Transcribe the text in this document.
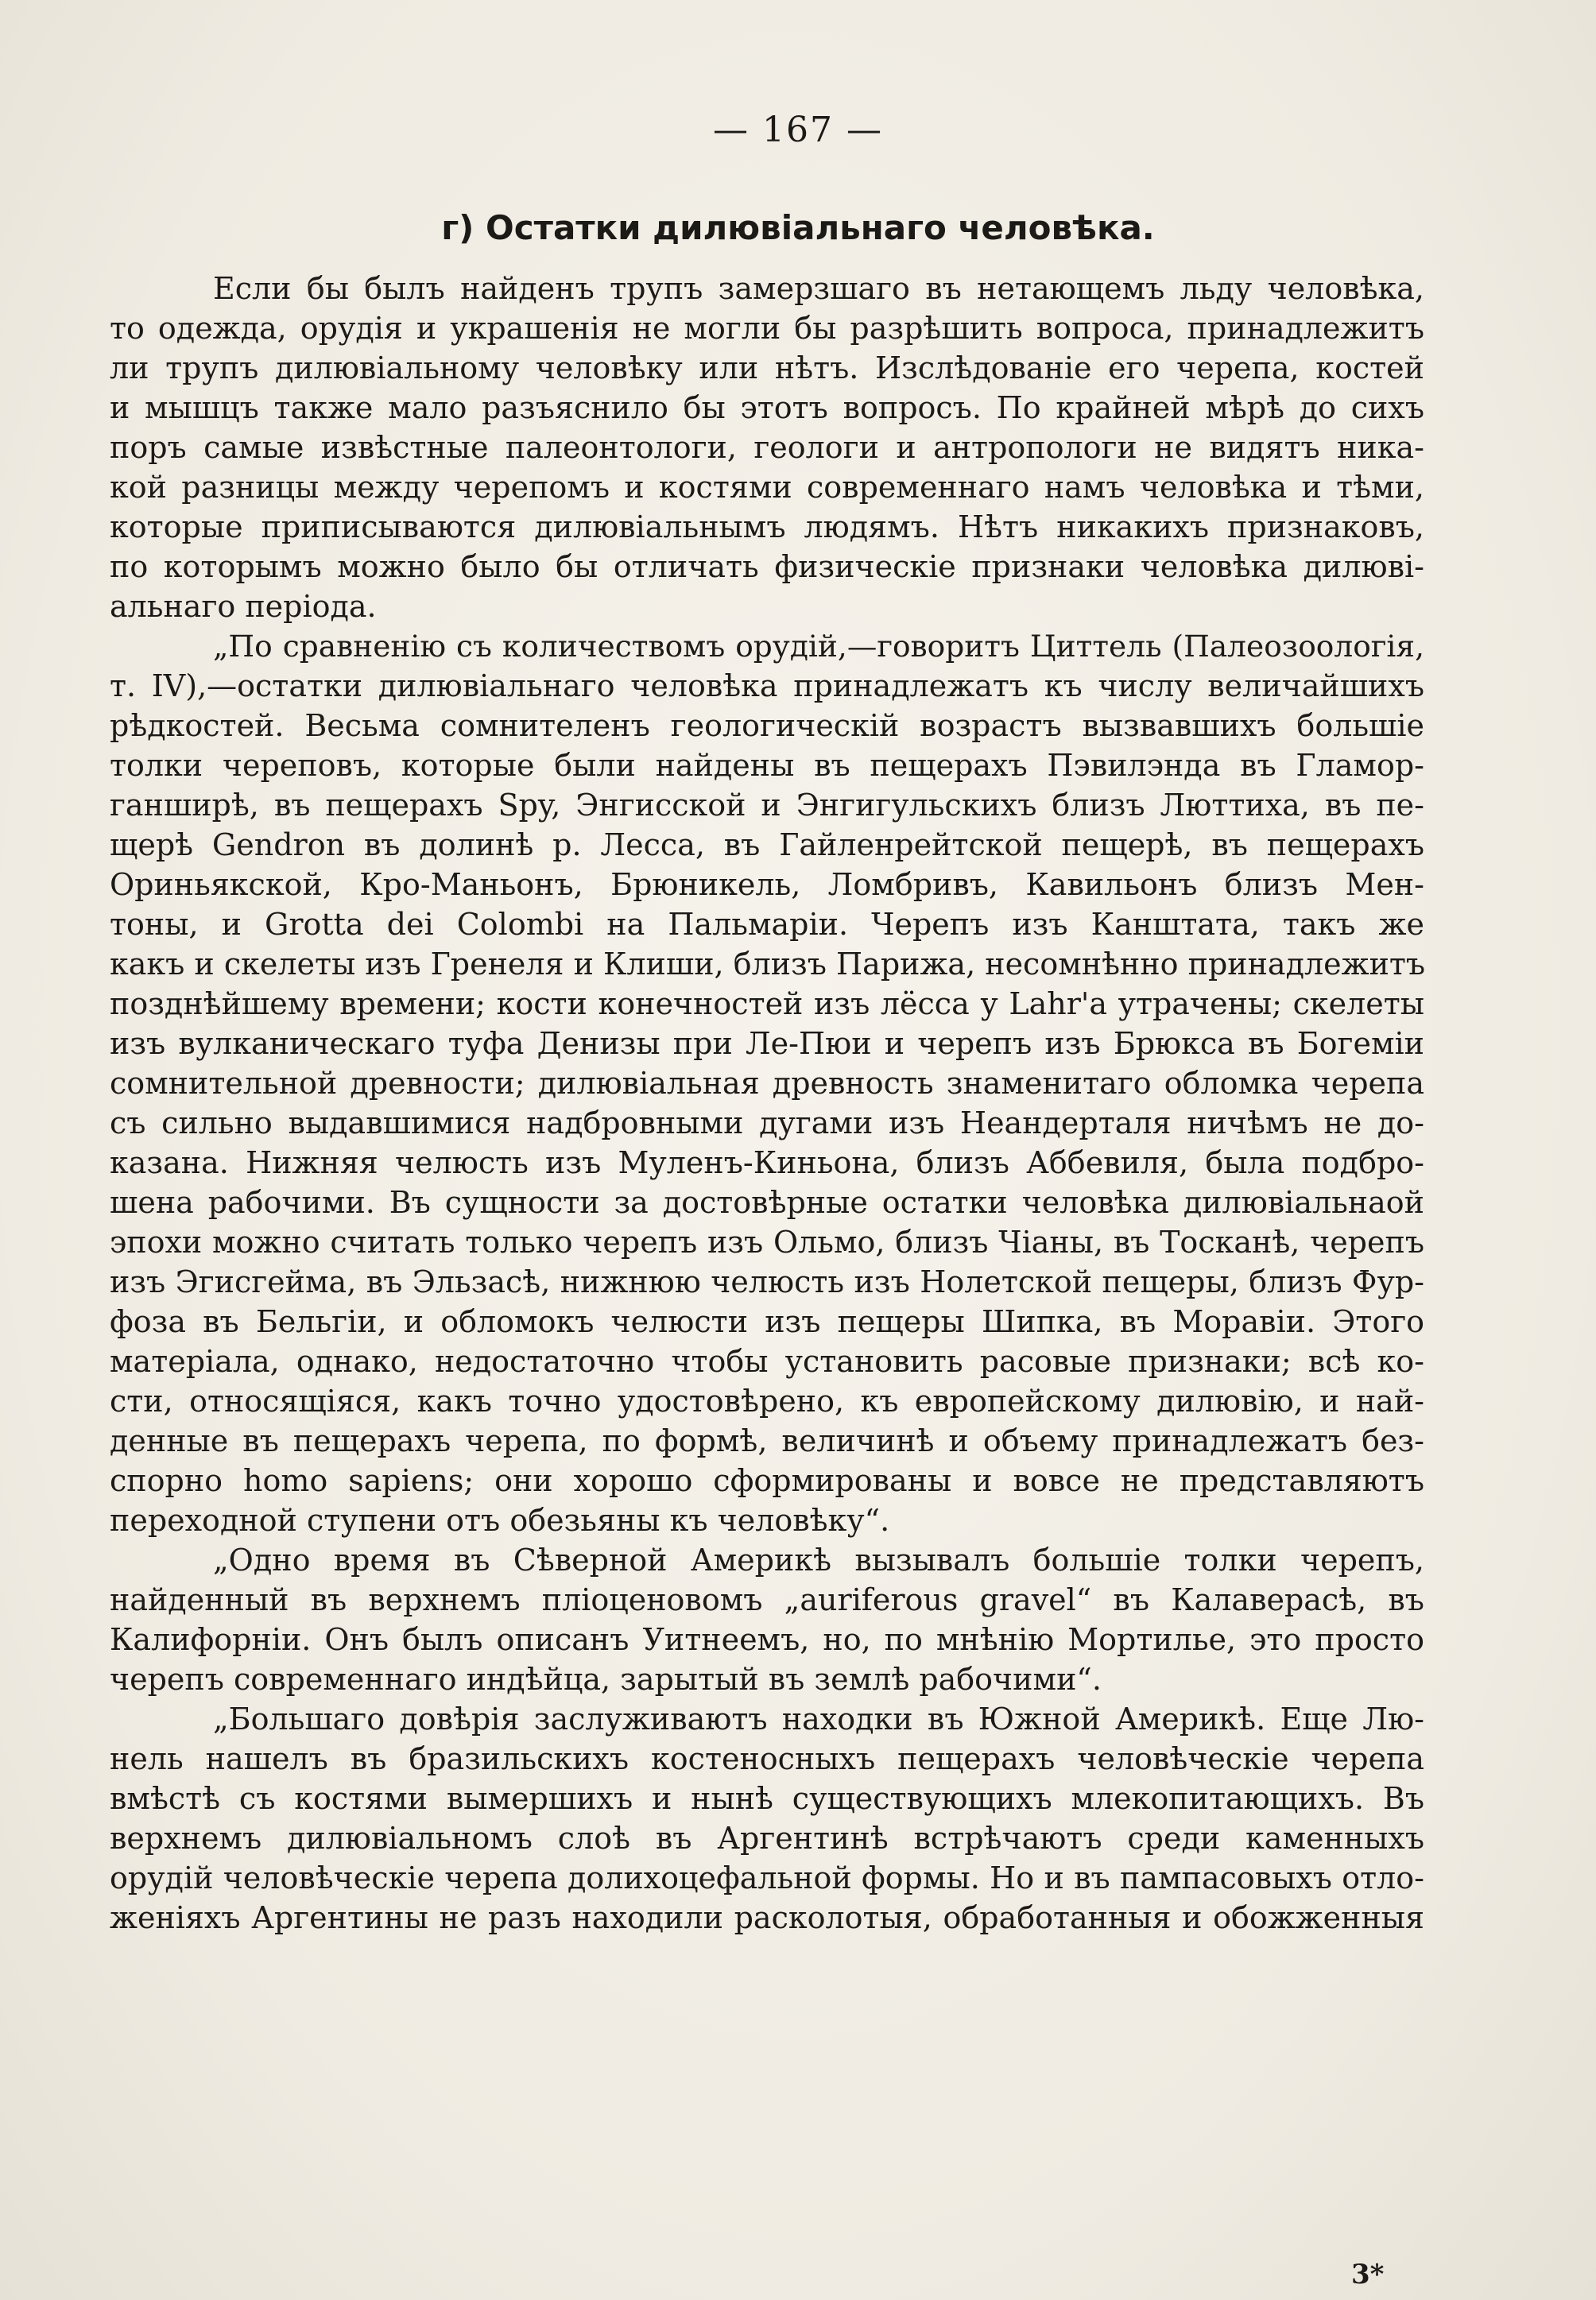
— 167 —
г) Остатки дилювіальнаго человѣка.
Если бы былъ найденъ трупъ замерзшаго въ нетающемъ льду человѣка,
то одежда, орудія и украшенія не могли бы разрѣшить вопроса, принадлежитъ
ли трупъ дилювіальному человѣку или нѣтъ. Изслѣдованіе его черепа, костей
и мышцъ также мало разъяснило бы этотъ вопросъ. По крайней мѣрѣ до сихъ
поръ самые извѣстные палеонтологи, геологи и антропологи не видятъ ника-
кой разницы между черепомъ и костями современнаго намъ человѣка и тѣми,
которые приписываются дилювіальнымъ людямъ. Нѣтъ никакихъ признаковъ,
по которымъ можно было бы отличать физическіе признаки человѣка дилюві-
альнаго періода.
„По сравненію съ количествомъ орудій,—говоритъ Циттель (Палеозоологія,
т. IV),—остатки дилювіальнаго человѣка принадлежатъ къ числу величайшихъ
рѣдкостей. Весьма сомнителенъ геологическій возрастъ вызвавшихъ большіе
толки череповъ, которые были найдены въ пещерахъ Пэвилэнда въ Гламор-
ганширѣ, въ пещерахъ Spy, Энгисской и Энгигульскихъ близъ Люттиха, въ пе-
щерѣ Gendron въ долинѣ р. Лесса, въ Гайленрейтской пещерѣ, въ пещерахъ
Ориньякской, Кро-Маньонъ, Брюникель, Ломбривъ, Кавильонъ близъ Мен-
тоны, и Grotta dei Colombi на Пальмаріи. Черепъ изъ Канштата, такъ же
какъ и скелеты изъ Гренеля и Клиши, близъ Парижа, несомнѣнно принадлежитъ
позднѣйшему времени; кости конечностей изъ лёсса у Lahr'а утрачены; скелеты
изъ вулканическаго туфа Денизы при Ле-Пюи и черепъ изъ Брюкса въ Богеміи
сомнительной древности; дилювіальная древность знаменитаго обломка черепа
съ сильно выдавшимися надбровными дугами изъ Неандерталя ничѣмъ не до-
казана. Нижняя челюсть изъ Муленъ-Киньона, близъ Аббевиля, была подбро-
шена рабочими. Въ сущности за достовѣрные остатки человѣка дилювіальнаой
эпохи можно считать только черепъ изъ Ольмо, близъ Чіаны, въ Тосканѣ, черепъ
изъ Эгисгейма, въ Эльзасѣ, нижнюю челюсть изъ Нолетской пещеры, близъ Фур-
фоза въ Бельгіи, и обломокъ челюсти изъ пещеры Шипка, въ Моравіи. Этого
матеріала, однако, недостаточно чтобы установить расовые признаки; всѣ ко-
сти, относящіяся, какъ точно удостовѣрено, къ европейскому дилювію, и най-
денные въ пещерахъ черепа, по формѣ, величинѣ и объему принадлежатъ без-
спорно homo sapiens; они хорошо сформированы и вовсе не представляютъ
переходной ступени отъ обезьяны къ человѣку“.
„Одно время въ Сѣверной Америкѣ вызывалъ большіе толки черепъ,
найденный въ верхнемъ пліоценовомъ „auriferous gravel“ въ Калаверасѣ, въ
Калифорніи. Онъ былъ описанъ Уитнеемъ, но, по мнѣнію Мортилье, это просто
черепъ современнаго индѣйца, зарытый въ землѣ рабочими“.
„Большаго довѣрія заслуживаютъ находки въ Южной Америкѣ. Еще Лю-
нель нашелъ въ бразильскихъ костеносныхъ пещерахъ человѣческіе черепа
вмѣстѣ съ костями вымершихъ и нынѣ существующихъ млекопитающихъ. Въ
верхнемъ дилювіальномъ слоѣ въ Аргентинѣ встрѣчаютъ среди каменныхъ
орудій человѣческіе черепа долихоцефальной формы. Но и въ пампасовыхъ отло-
женіяхъ Аргентины не разъ находили расколотыя, обработанныя и обожженныя
3*
